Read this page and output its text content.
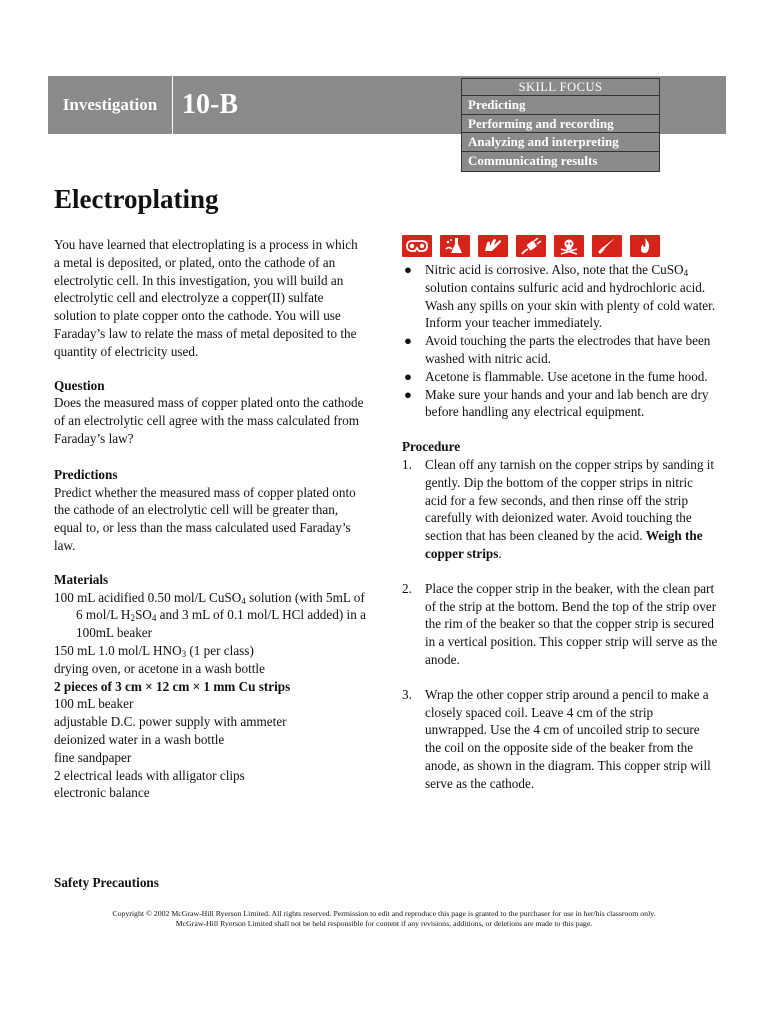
Investigation 10-B
SKILL FOCUS
Predicting
Performing and recording
Analyzing and interpreting
Communicating results
Electroplating

You have learned that electroplating is a process in which a metal is deposited, or plated, onto the cathode of an electrolytic cell. In this investigation, you will build an electrolytic cell and electrolyze a copper(II) sulfate solution to plate copper onto the cathode. You will use Faraday’s law to relate the mass of metal deposited to the quantity of electricity used.

Question

Does the measured mass of copper plated onto the cathode of an electrolytic cell agree with the mass calculated from Faraday’s law?

Predictions

Predict whether the measured mass of copper plated onto the cathode of an electrolytic cell will be greater than, equal to, or less than the mass calculated used Faraday’s law.

Materials

100 mL acidified 0.50 mol/L CuSO$_4$ solution (with 5mL of 6 mol/L $H_2SO_4$ and 3 mL of 0.1 mol/L HCl added) in a 100mL beaker

150 mL 1.0 mol/L $HNO_3$ (1 per class)

drying oven, or acetone in a wash bottle

2 pieces of 3 cm × 12 cm × 1 mm Cu strips

100 mL beaker

adjustable D.C. power supply with ammeter

deionized water in a wash bottle

fine sandpaper

2 electrical leads with alligator clips

electronic balance

Safety Precautions

● Nitric acid is corrosive. Also, note that the CuSO$_4$ solution contains sulfuric acid and hydrochloric acid. Wash any spills on your skin with plenty of cold water. Inform your teacher immediately.
● Avoid touching the parts the electrodes that have been washed with nitric acid.
● Acetone is flammable. Use acetone in the fume hood.
● Make sure your hands and your and lab bench are dry before handling any electrical equipment.

Procedure

1. Clean off any tarnish on the copper strips by sanding it gently. Dip the bottom of the copper strips in nitric acid for a few seconds, and then rinse off the strip carefully with deionized water. Avoid touching the section that has been cleaned by the acid. Weigh the copper strips.
2. Place the copper strip in the beaker, with the clean part of the strip at the bottom. Bend the top of the strip over the rim of the beaker so that the copper strip is secured in a vertical position. This copper strip will serve as the anode.
3. Wrap the other copper strip around a pencil to make a closely spaced coil. Leave 4 cm of the strip unwrapped. Use the 4 cm of uncoiled strip to secure the coil on the opposite side of the beaker from the anode, as shown in the diagram. This copper strip will serve as the cathode.
Copyright © 2002 McGraw-Hill Ryerson Limited. All rights reserved. Permission to edit and reproduce this page is granted to the purchaser for use in her/his classroom only.
McGraw-Hill Ryerson Limited shall not be held responsible for content if any revisions, additions, or deletions are made to this page.
